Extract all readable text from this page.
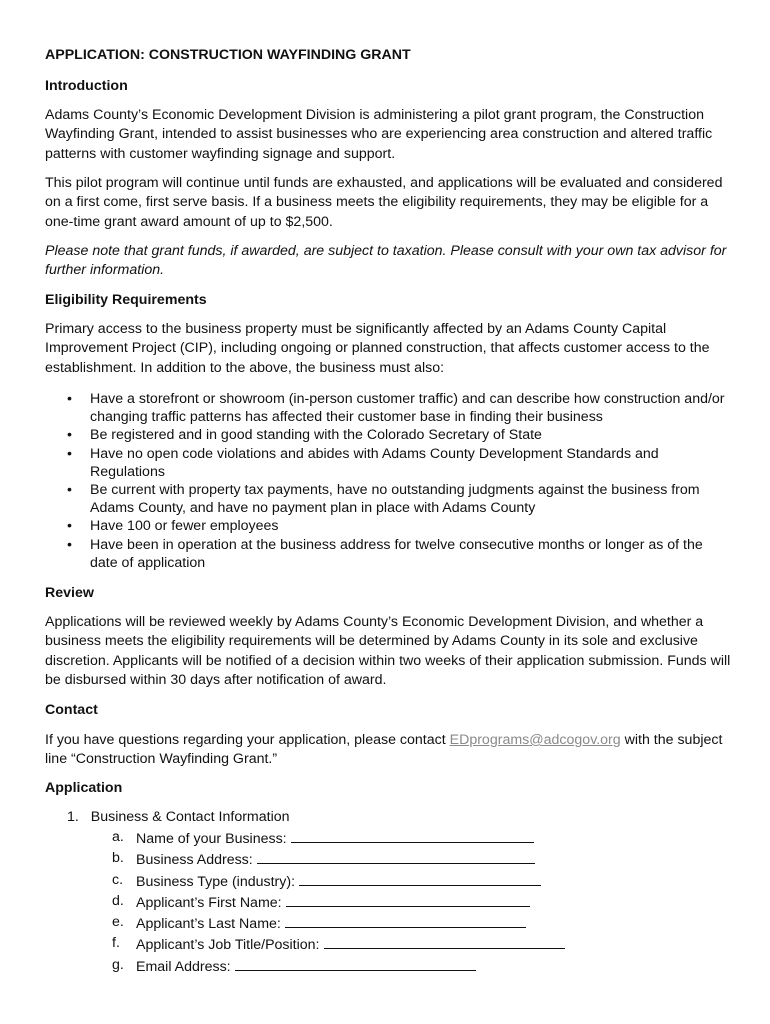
APPLICATION: CONSTRUCTION WAYFINDING GRANT
Introduction
Adams County’s Economic Development Division is administering a pilot grant program, the Construction Wayfinding Grant, intended to assist businesses who are experiencing area construction and altered traffic patterns with customer wayfinding signage and support.
This pilot program will continue until funds are exhausted, and applications will be evaluated and considered on a first come, first serve basis. If a business meets the eligibility requirements, they may be eligible for a one-time grant award amount of up to $2,500.
Please note that grant funds, if awarded, are subject to taxation. Please consult with your own tax advisor for further information.
Eligibility Requirements
Primary access to the business property must be significantly affected by an Adams County Capital Improvement Project (CIP), including ongoing or planned construction, that affects customer access to the establishment. In addition to the above, the business must also:
• Have a storefront or showroom (in-person customer traffic) and can describe how construction and/or changing traffic patterns has affected their customer base in finding their business
• Be registered and in good standing with the Colorado Secretary of State
• Have no open code violations and abides with Adams County Development Standards and Regulations
• Be current with property tax payments, have no outstanding judgments against the business from Adams County, and have no payment plan in place with Adams County
• Have 100 or fewer employees
• Have been in operation at the business address for twelve consecutive months or longer as of the date of application
Review
Applications will be reviewed weekly by Adams County’s Economic Development Division, and whether a business meets the eligibility requirements will be determined by Adams County in its sole and exclusive discretion. Applicants will be notified of a decision within two weeks of their application submission. Funds will be disbursed within 30 days after notification of award.
Contact
If you have questions regarding your application, please contact EDprograms@adcogov.org with the subject line “Construction Wayfinding Grant.”
Application
1. Business & Contact Information
a. Name of your Business:
b. Business Address:
c. Business Type (industry):
d. Applicant’s First Name:
e. Applicant’s Last Name:
f. Applicant’s Job Title/Position:
g. Email Address:
